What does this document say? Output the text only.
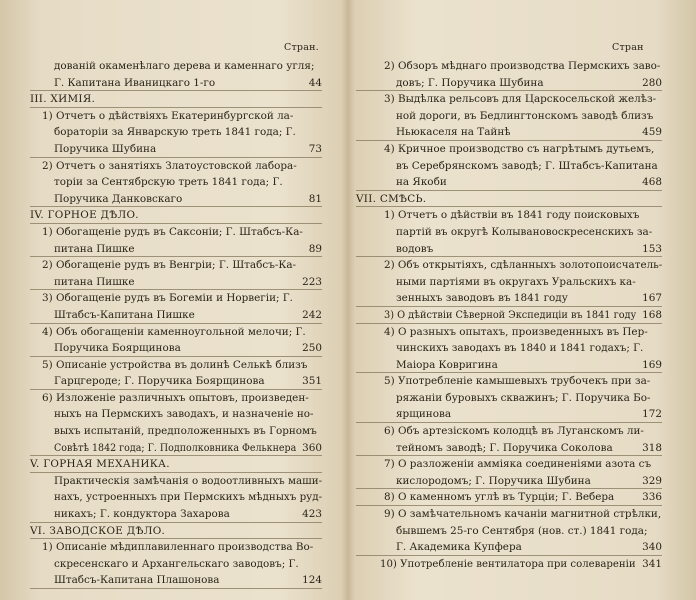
Стран.
дованій окаменѣлаго дерева и каменнаго угля;
Г. Капитана Иваницкаго 1-го	44
III. ХИМІЯ.
1) Отчетъ о дѣйствіяхъ Екатеринбургской ла-
бораторіи за Январскую треть 1841 года; Г.
Поручика Шубина	73
2) Отчетъ о занятіяхъ Златоустовской лабора-
торіи за Сентябрскую треть 1841 года; Г.
Поручика Данковскаго	81
IV. ГОРНОЕ ДѢЛО.
1) Обогащеніе рудъ въ Саксоніи; Г. Штабсъ-Ка-
питана Пишке	89
2) Обогащеніе рудъ въ Венгріи; Г. Штабсъ-Ка-
питана Пишке	223
3) Обогащеніе рудъ въ Богеміи и Норвегіи; Г.
Штабсъ-Капитана Пишке	242
4) Объ обогащеніи каменноугольной мелочи; Г.
Поручика Боярщинова	250
5) Описаніе устройства въ долинѣ Селькѣ близъ
Гарцгероде; Г. Поручика Боярщинова	351
6) Изложеніе различныхъ опытовъ, произведен-
ныхъ на Пермскихъ заводахъ, и назначеніе но-
выхъ испытаній, предположенныхъ въ Горномъ
Совѣтѣ 1842 года; Г. Подполковника Фелькнера 360
V. ГОРНАЯ МЕХАНИКА.
Практическія замѣчанія о водоотливныхъ маши-
нахъ, устроенныхъ при Пермскихъ мѣдныхъ руд-
никахъ; Г. кондуктора Захарова	423
VI. ЗАВОДСКОЕ ДѢЛО.
1) Описаніе мѣдиплавиленнаго производства Во-
скресенскаго и Архангельскаго заводовъ; Г.
Штабсъ-Капитана Плашонова	124
Стран
2) Обзоръ мѣднаго производства Пермскихъ заво-
довъ; Г. Поручика Шубина	280
3) Выдѣлка рельсовъ для Царскосельской желѣз-
ной дороги, въ Бедлингтонскомъ заводѣ близъ
Ньюкаселя на Тайнѣ	459
4) Кричное производство съ нагрѣтымъ дутьемъ,
въ Серебрянскомъ заводѣ; Г. Штабсъ-Капитана
на Якоби	468
VII. СМѢСЬ.
1) Отчетъ о дѣйствіи въ 1841 году поисковыхъ
партій въ округѣ Колывановоскресенскихъ за-
водовъ	153
2) Объ открытіяхъ, сдѣланныхъ золотопоисчатель-
ными партіями въ округахъ Уральскихъ ка-
зенныхъ заводовъ въ 1841 году	167
3) О дѣйствіи Сѣверной Экспедиціи въ 1841 году 168
4) О разныхъ опытахъ, произведенныхъ въ Пер-
чинскихъ заводахъ въ 1840 и 1841 годахъ; Г.
Маіора Ковригина	169
5) Употребленіе камышевыхъ трубочекъ при за-
ряжаніи буровыхъ скважинъ; Г. Поручика Бо-
ярщинова	172
6) Объ артезіскомъ колодцѣ въ Луганскомъ ли-
тейномъ заводѣ; Г. Поручика Соколова	318
7) О разложеніи амміяка соединеніями азота съ
кислородомъ; Г. Поручика Шубина	329
8) О каменномъ углѣ въ Турціи; Г. Вебера	336
9) О замѣчательномъ качаніи магнитной стрѣлки,
бывшемъ 25-го Сентября (нов. ст.) 1841 года;
Г. Академика Купфера	340
10) Употребленіе вентилатора при солевареніи 341
